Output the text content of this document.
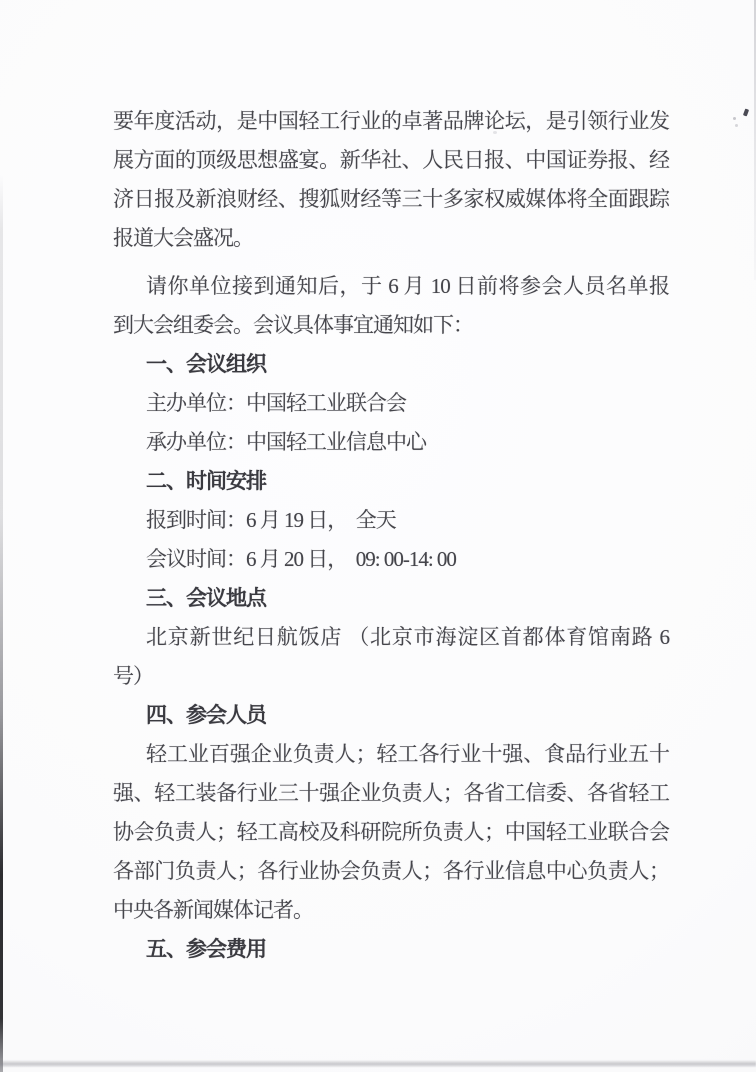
要年度活动，是中国轻工行业的卓著品牌论坛，是引领行业发
展方面的顶级思想盛宴。新华社、人民日报、中国证券报、经
济日报及新浪财经、搜狐财经等三十多家权威媒体将全面跟踪
报道大会盛况。
请你单位接到通知后，于 6 月 10 日前将参会人员名单报
到大会组委会。会议具体事宜通知如下：
一、会议组织
主办单位：中国轻工业联合会
承办单位：中国轻工业信息中心
二、时间安排
报到时间：6 月 19 日，  全天
会议时间：6 月 20 日，  09: 00-14: 00
三、会议地点
北京新世纪日航饭店 （北京市海淀区首都体育馆南路 6
号）
四、参会人员
轻工业百强企业负责人；轻工各行业十强、食品行业五十
强、轻工装备行业三十强企业负责人；各省工信委、各省轻工
协会负责人；轻工高校及科研院所负责人；中国轻工业联合会
各部门负责人；各行业协会负责人；各行业信息中心负责人；
中央各新闻媒体记者。
五、参会费用
